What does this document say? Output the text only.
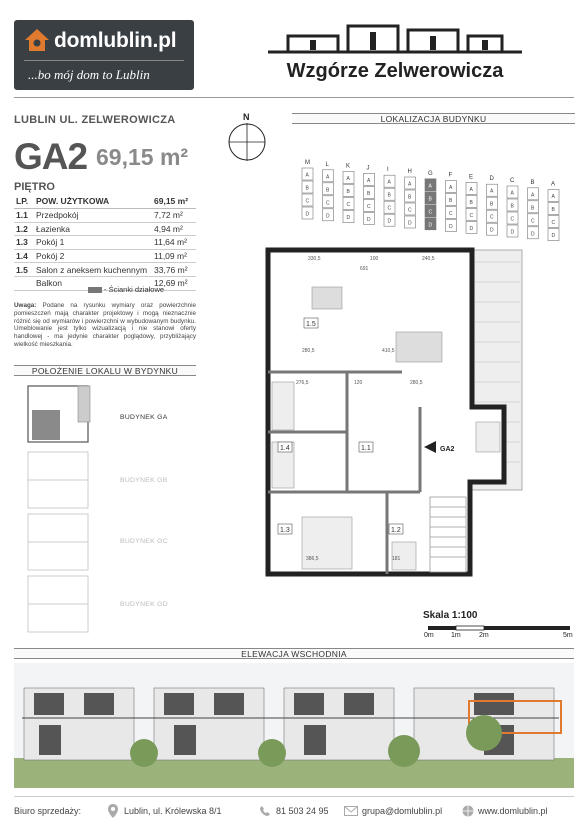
domlublin.pl
...bo mój dom to Lublin	Wzgórze Zelwerowicza
LUBLIN UL. ZELWEROWICZA
GA2 69,15 m²
PIĘTRO
LP.	POW. UŻYTKOWA	69,15 m²
1.1	Przedpokój	7,72 m²
1.2	Łazienka	4,94 m²
1.3	Pokój 1	11,64 m²
1.4	Pokój 2	11,09 m²
1.5	Salon z aneksem kuchennym	33,76 m²
	Balkon	12,69 m²
- Ścianki działowe
Uwaga: Podane na rysunku wymiary oraz powierzchnie pomieszczeń mają charakter projektowy i mogą nieznacznie różnić się od wymiarów i powierzchni w wybudowanym budynku. Umeblowanie jest tylko wizualizacją i nie stanowi oferty handlowej - ma jedynie charakter poglądowy, przybliżający wielkość mieszkania.
LOKALIZACJA BUDYNKU
POŁOŻENIE LOKALU W BYDYNKU
ELEWACJA WSCHODNIA
N
M
A
B
C
D
L
A
B
C
D
K
A
B
C
D
J
A
B
C
D
I
A
B
C
D
H
A
B
C
D
G
A
B
C
D
F
A
B
C
D
E
A
B
C
D
D
A
B
C
D
C
A
B
C
D
B
A
B
C
D
A
A
B
C
D
1.5
1.4	1.1
1.3	1.2
330,5	100	240,5
691
280,5	410,5
276,5	120	280,5
386,5	181
GA2
BUDYNEK GA
BUDYNEK GB
BUDYNEK GC
BUDYNEK GD
Skala 1:100
0m 1m	2m	5m
Biuro sprzedaży:	Lublin, ul. Królewska 8/1	81 503 24 95	grupa@domlublin.pl	www.domlublin.pl
